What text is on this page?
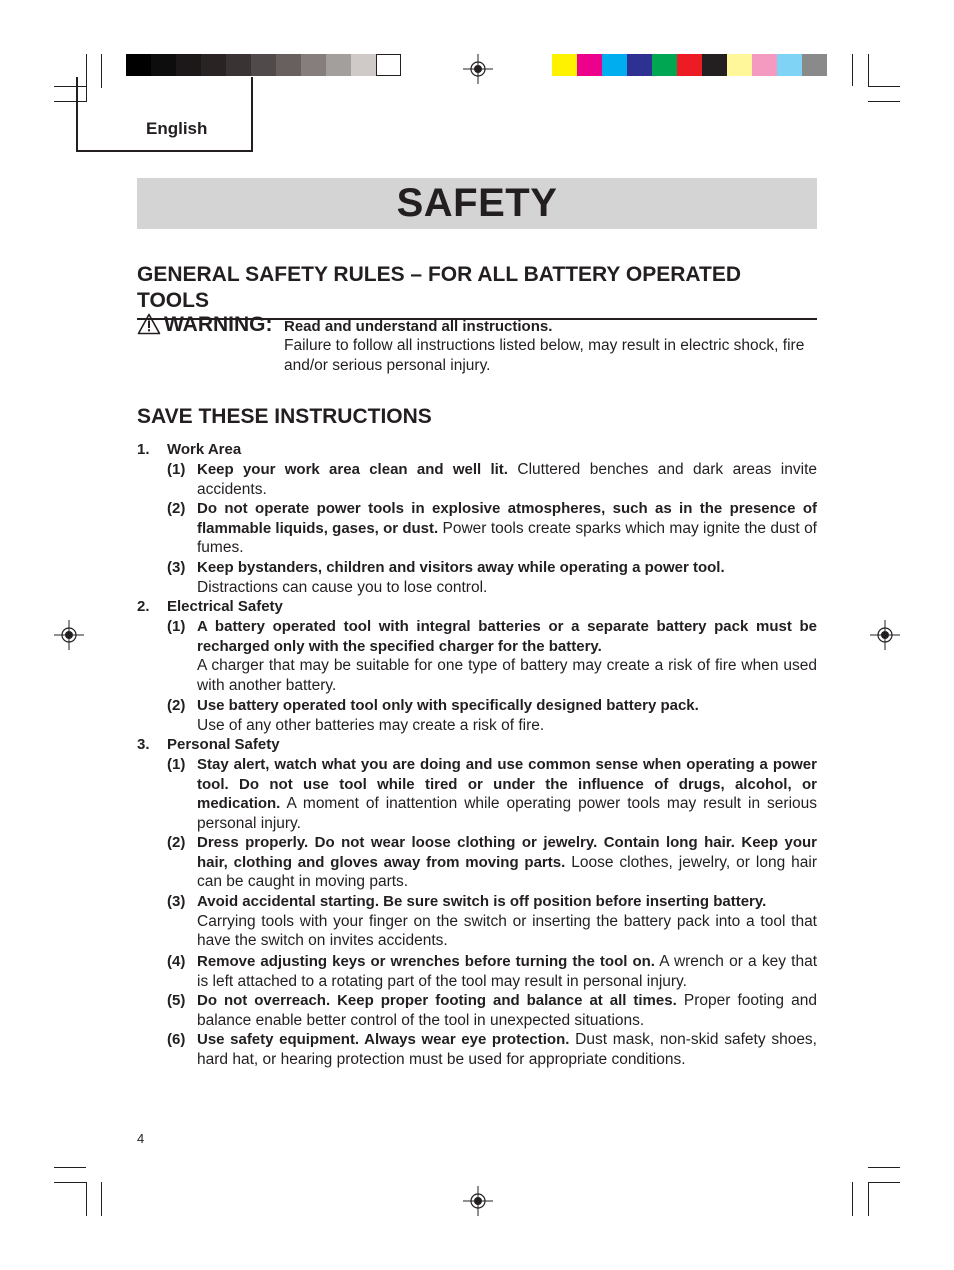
English
SAFETY
GENERAL SAFETY RULES – FOR ALL BATTERY OPERATED TOOLS
WARNING: Read and understand all instructions.
Failure to follow all instructions listed below, may result in electric shock, fire and/or serious personal injury.
SAVE THESE INSTRUCTIONS
1. Work Area
(1) Keep your work area clean and well lit. Cluttered benches and dark areas invite accidents.
(2) Do not operate power tools in explosive atmospheres, such as in the presence of flammable liquids, gases, or dust. Power tools create sparks which may ignite the dust of fumes.
(3) Keep bystanders, children and visitors away while operating a power tool.
Distractions can cause you to lose control.
2. Electrical Safety
(1) A battery operated tool with integral batteries or a separate battery pack must be recharged only with the specified charger for the battery.
A charger that may be suitable for one type of battery may create a risk of fire when used with another battery.
(2) Use battery operated tool only with specifically designed battery pack.
Use of any other batteries may create a risk of fire.
3. Personal Safety
(1) Stay alert, watch what you are doing and use common sense when operating a power tool. Do not use tool while tired or under the influence of drugs, alcohol, or medication. A moment of inattention while operating power tools may result in serious personal injury.
(2) Dress properly. Do not wear loose clothing or jewelry. Contain long hair. Keep your hair, clothing and gloves away from moving parts. Loose clothes, jewelry, or long hair can be caught in moving parts.
(3) Avoid accidental starting. Be sure switch is off position before inserting battery.
Carrying tools with your finger on the switch or inserting the battery pack into a tool that have the switch on invites accidents.
(4) Remove adjusting keys or wrenches before turning the tool on. A wrench or a key that is left attached to a rotating part of the tool may result in personal injury.
(5) Do not overreach. Keep proper footing and balance at all times. Proper footing and balance enable better control of the tool in unexpected situations.
(6) Use safety equipment. Always wear eye protection. Dust mask, non-skid safety shoes, hard hat, or hearing protection must be used for appropriate conditions.
4
